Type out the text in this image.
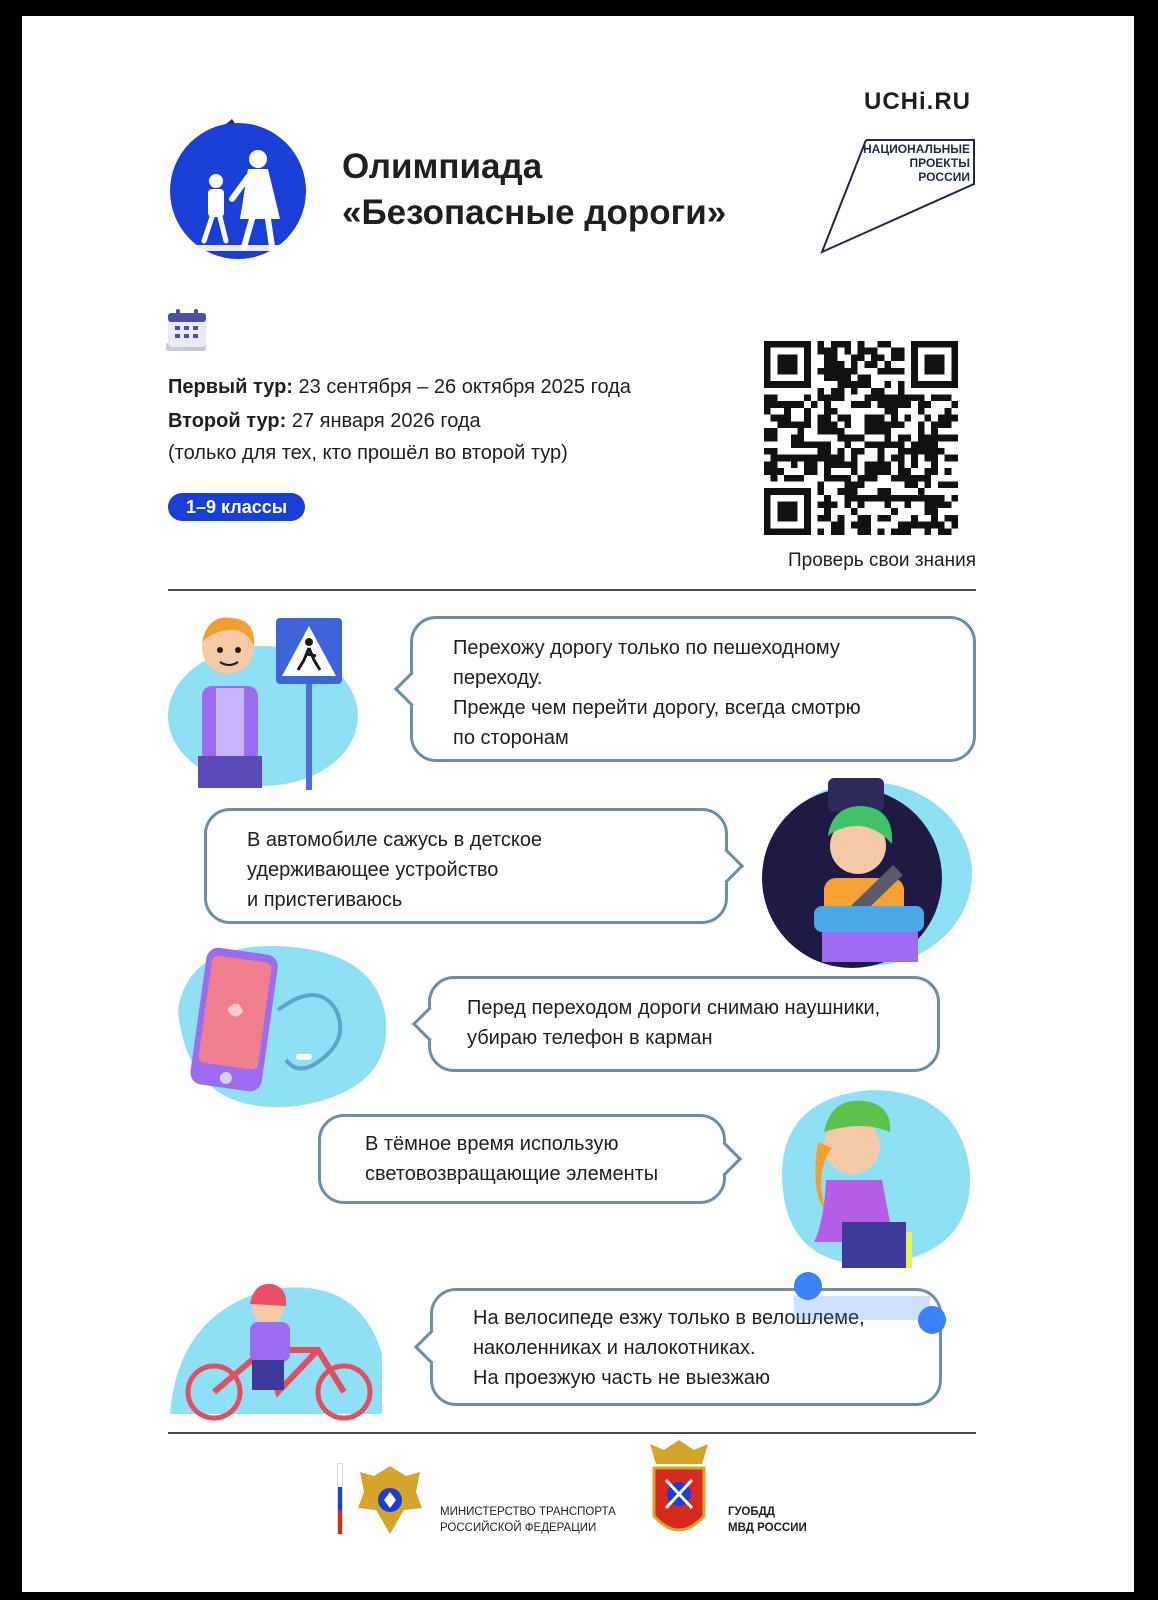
Олимпиада
«Безопасные дороги»
UCHi.RU
НАЦИОНАЛЬНЫЕ
ПРОЕКТЫ
РОССИИ
Первый тур: 23 сентября – 26 октября 2025 года
Второй тур: 27 января 2026 года
(только для тех, кто прошёл во второй тур)
1–9 классы
Проверь свои знания
Перехожу дорогу только по пешеходному
переходу.
Прежде чем перейти дорогу, всегда смотрю
по сторонам
В автомобиле сажусь в детское
удерживающее устройство
и пристегиваюсь
Перед переходом дороги снимаю наушники,
убираю телефон в карман
В тёмное время использую
световозвращающие элементы
На велосипеде езжу только в велошлеме,
наколенниках и налокотниках.
На проезжую часть не выезжаю
МИНИСТЕРСТВО ТРАНСПОРТА
РОССИЙСКОЙ ФЕДЕРАЦИИ
ГУОБДД
МВД РОССИИ
